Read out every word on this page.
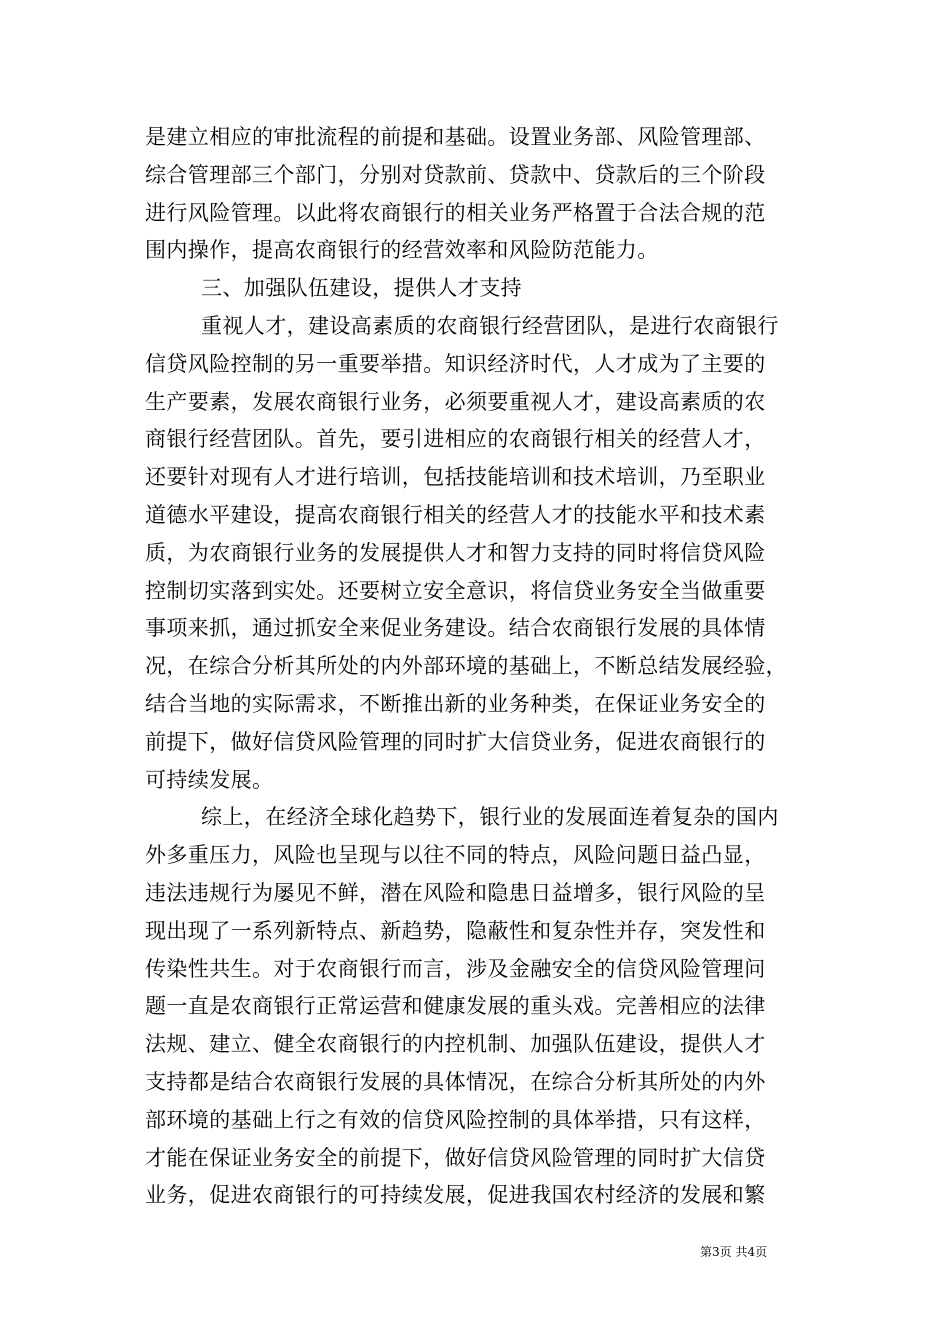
是建立相应的审批流程的前提和基础。设置业务部、风险管理部、
综合管理部三个部门，分别对贷款前、贷款中、贷款后的三个阶段
进行风险管理。以此将农商银行的相关业务严格置于合法合规的范
围内操作，提高农商银行的经营效率和风险防范能力。
三、加强队伍建设，提供人才支持
重视人才，建设高素质的农商银行经营团队，是进行农商银行
信贷风险控制的另一重要举措。知识经济时代，人才成为了主要的
生产要素，发展农商银行业务，必须要重视人才，建设高素质的农
商银行经营团队。首先，要引进相应的农商银行相关的经营人才，
还要针对现有人才进行培训，包括技能培训和技术培训，乃至职业
道德水平建设，提高农商银行相关的经营人才的技能水平和技术素
质，为农商银行业务的发展提供人才和智力支持的同时将信贷风险
控制切实落到实处。还要树立安全意识，将信贷业务安全当做重要
事项来抓，通过抓安全来促业务建设。结合农商银行发展的具体情
况，在综合分析其所处的内外部环境的基础上，不断总结发展经验，
结合当地的实际需求，不断推出新的业务种类，在保证业务安全的
前提下，做好信贷风险管理的同时扩大信贷业务，促进农商银行的
可持续发展。
综上，在经济全球化趋势下，银行业的发展面连着复杂的国内
外多重压力，风险也呈现与以往不同的特点，风险问题日益凸显，
违法违规行为屡见不鲜，潜在风险和隐患日益增多，银行风险的呈
现出现了一系列新特点、新趋势，隐蔽性和复杂性并存，突发性和
传染性共生。对于农商银行而言，涉及金融安全的信贷风险管理问
题一直是农商银行正常运营和健康发展的重头戏。完善相应的法律
法规、建立、健全农商银行的内控机制、加强队伍建设，提供人才
支持都是结合农商银行发展的具体情况，在综合分析其所处的内外
部环境的基础上行之有效的信贷风险控制的具体举措，只有这样，
才能在保证业务安全的前提下，做好信贷风险管理的同时扩大信贷
业务，促进农商银行的可持续发展，促进我国农村经济的发展和繁
第3页 共4页
